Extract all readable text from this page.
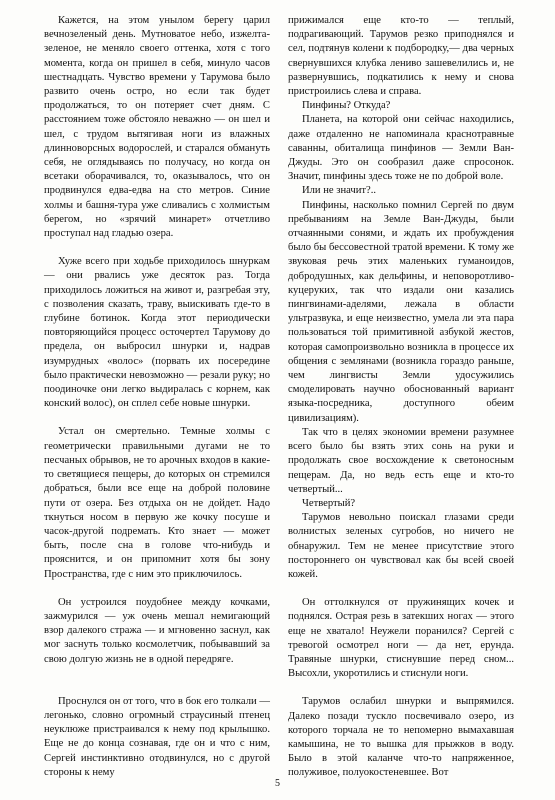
Кажется, на этом унылом берегу царил вечнозеленый день. Мутноватое небо, изжелта-зеленое, не меняло своего оттенка, хотя с того момента, когда он пришел в себя, минуло часов шестнадцать. Чувство времени у Тарумова было развито очень остро, но если так будет продолжаться, то он потеряет счет дням. С расстоянием тоже обстояло неважно — он шел и шел, с трудом вытягивая ноги из влажных длинноворсных водорослей, и старался обмануть себя, не оглядываясь по получасу, но когда он всетаки оборачивался, то, оказывалось, что он продвинулся едва-едва на сто метров. Синие холмы и башня-тура уже сливались с холмистым берегом, но «зрячий минарет» отчетливо проступал над гладью озера.

Хуже всего при ходьбе приходилось шнуркам — они рвались уже десяток раз. Тогда приходилось ложиться на живот и, разгребая эту, с позволения сказать, траву, выискивать где-то в глубине ботинок. Когда этот периодически повторяющийся процесс осточертел Тарумову до предела, он выбросил шнурки и, надрав изумрудных «волос» (порвать их посередине было практически невозможно — резали руку; но поодиночке они легко выдиралась с корнем, как конский волос), он сплел себе новые шнурки.

Устал он смертельно. Темные холмы с геометрически правильными дугами не то песчаных обрывов, не то арочных входов в какие-то светящиеся пещеры, до которых он стремился добраться, были все еще на доброй половине пути от озера. Без отдыха он не дойдет. Надо ткнуться носом в первую же кочку посуше и часок-другой подремать. Кто знает — может быть, после сна в голове что-нибудь и прояснится, и он припомнит хотя бы зону Пространства, где с ним это приключилось.

Он устроился поудобнее между кочками, зажмурился — уж очень мешал немигающий взор далекого стража — и мгновенно заснул, как мог заснуть только космолетчик, побывавший за свою долгую жизнь не в одной передряге.

Проснулся он от того, что в бок его толкали — легонько, словно огромный страусиный птенец неуклюже пристраивался к нему под крылышко. Еще не до конца сознавая, где он и что с ним, Сергей инстинктивно отодвинулся, но с другой стороны к нему

прижимался еще кто-то — теплый, подрагивающий. Тарумов резко приподнялся и сел, подтянув колени к подбородку,— два черных свернувшихся клубка лениво зашевелились и, не развернувшись, подкатились к нему и снова пристроились слева и справа.

Пинфины? Откуда?

Планета, на которой они сейчас находились, даже отдаленно не напоминала краснотравные саванны, обиталища пинфинов — Земли Ван-Джуды. Это он сообразил даже спросонок. Значит, пинфины здесь тоже не по доброй воле.

Или не значит?..

Пинфины, насколько помнил Сергей по двум пребываниям на Земле Ван-Джуды, были отчаянными сонями, и ждать их пробуждения было бы бессовестной тратой времени. К тому же звуковая речь этих маленьких гуманоидов, добродушных, как дельфины, и неповоротливо-куцеруких, так что издали они казались пингвинами-аделями, лежала в области ультразвука, и еще неизвестно, умела ли эта пара пользоваться той примитивной азбукой жестов, которая самопроизвольно возникла в процессе их общения с землянами (возникла гораздо раньше, чем лингвисты Земли удосужились смоделировать научно обоснованный вариант языка-посредника, доступного обеим цивилизациям).

Так что в целях экономии времени разумнее всего было бы взять этих сонь на руки и продолжать свое восхождение к светоносным пещерам. Да, но ведь есть еще и кто-то четвертый...

Четвертый?

Тарумов невольно поискал глазами среди волнистых зеленых сугробов, но ничего не обнаружил. Тем не менее присутствие этого постороннего он чувствовал как бы всей своей кожей.

Он оттолкнулся от пружинящих кочек и поднялся. Острая резь в затекших ногах — этого еще не хватало! Неужели поранился? Сергей с тревогой осмотрел ноги — да нет, ерунда. Травяные шнурки, стиснувшие перед сном... Высохли, укоротились и стиснули ноги.

Тарумов ослабил шнурки и выпрямился. Далеко позади тускло посвечивало озеро, из которого торчала не то непомерно вымахавшая камышина, не то вышка для прыжков в воду. Было в этой каланче что-то напряженное, полуживое, полуокостеневшее. Вот

5
